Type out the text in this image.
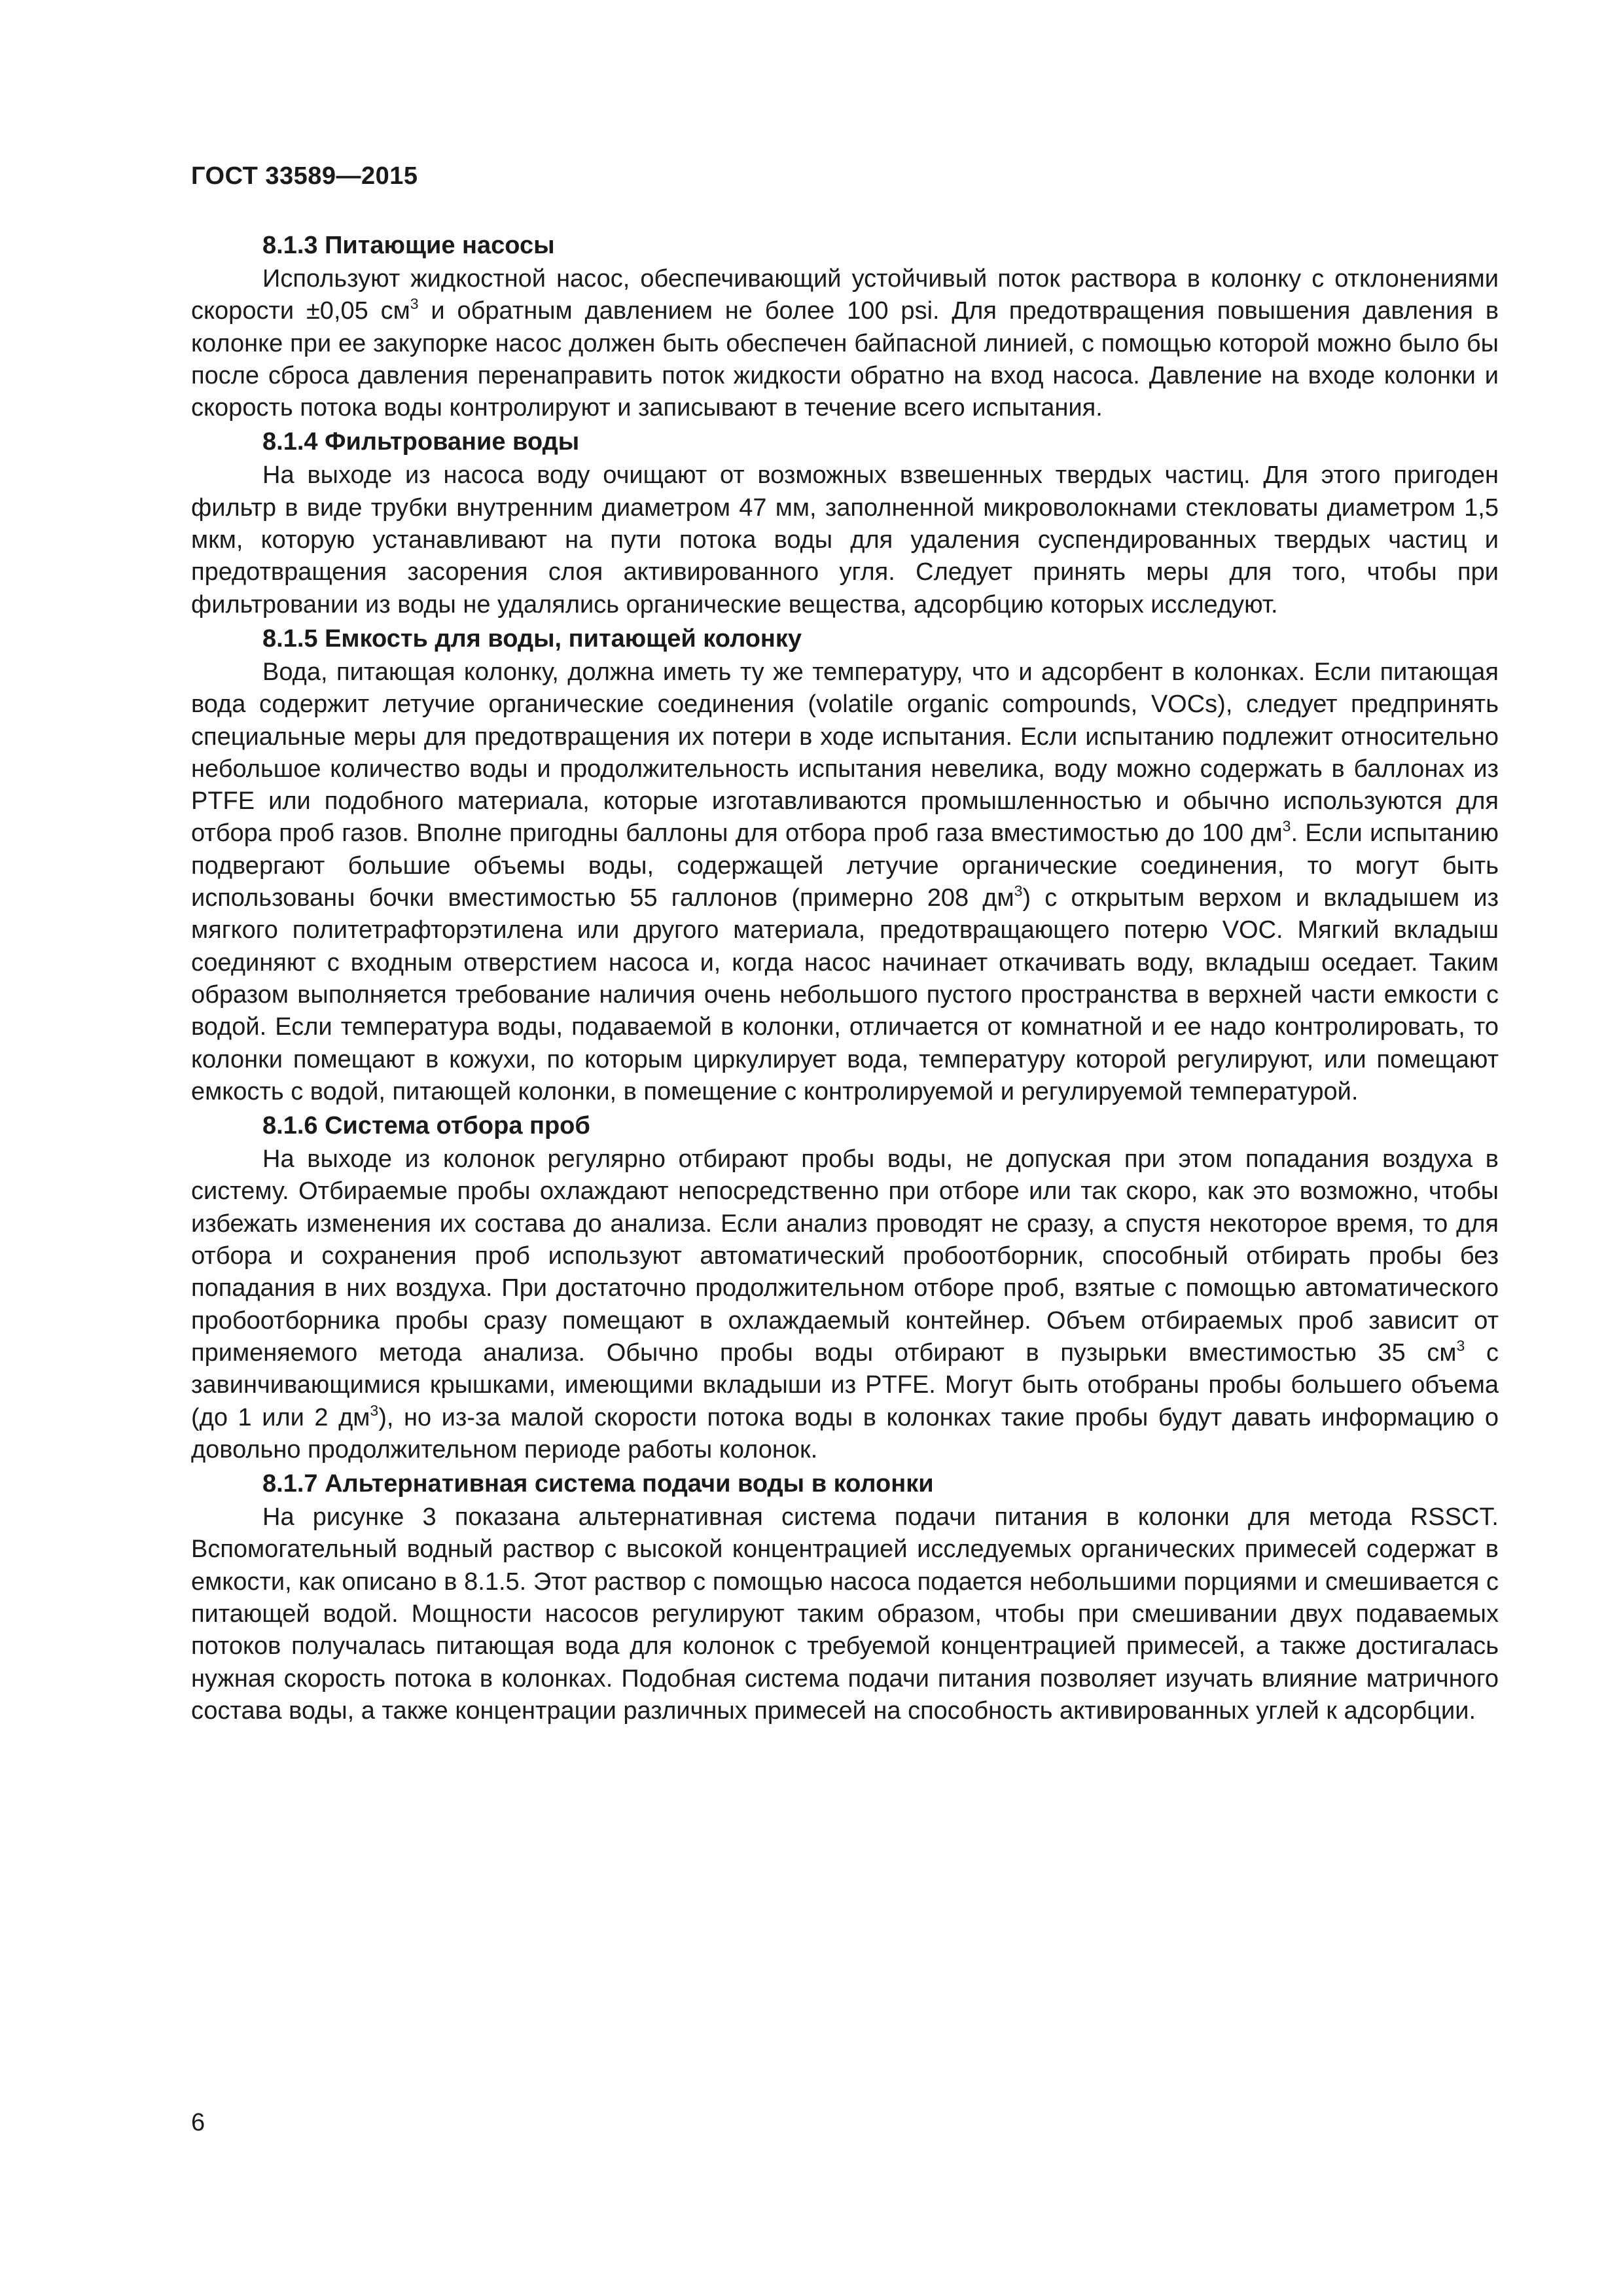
ГОСТ 33589—2015
8.1.3 Питающие насосы

Используют жидкостной насос, обеспечивающий устойчивый поток раствора в колонку с отклонениями скорости ±0,05 $см^3$ и обратным давлением не более 100 psi. Для предотвращения повышения давления в колонке при ее закупорке насос должен быть обеспечен байпасной линией, с помощью которой можно было бы после сброса давления перенаправить поток жидкости обратно на вход насоса. Давление на входе колонки и скорость потока воды контролируют и записывают в течение всего испытания.

8.1.4 Фильтрование воды

На выходе из насоса воду очищают от возможных взвешенных твердых частиц. Для этого пригоден фильтр в виде трубки внутренним диаметром 47 мм, заполненной микроволокнами стекловаты диаметром 1,5 мкм, которую устанавливают на пути потока воды для удаления суспендированных твердых частиц и предотвращения засорения слоя активированного угля. Следует принять меры для того, чтобы при фильтровании из воды не удалялись органические вещества, адсорбцию которых исследуют.

8.1.5 Емкость для воды, питающей колонку

Вода, питающая колонку, должна иметь ту же температуру, что и адсорбент в колонках. Если питающая вода содержит летучие органические соединения (volatile organic compounds, VOCs), следует предпринять специальные меры для предотвращения их потери в ходе испытания. Если испытанию подлежит относительно небольшое количество воды и продолжительность испытания невелика, воду можно содержать в баллонах из PTFE или подобного материала, которые изготавливаются промышленностью и обычно используются для отбора проб газов. Вполне пригодны баллоны для отбора проб газа вместимостью до 100 $дм^3$. Если испытанию подвергают большие объемы воды, содержащей летучие органические соединения, то могут быть использованы бочки вместимостью 55 галлонов (примерно 208 $дм^3$) с открытым верхом и вкладышем из мягкого политетрафторэтилена или другого материала, предотвращающего потерю VOC. Мягкий вкладыш соединяют с входным отверстием насоса и, когда насос начинает откачивать воду, вкладыш оседает. Таким образом выполняется требование наличия очень небольшого пустого пространства в верхней части емкости с водой. Если температура воды, подаваемой в колонки, отличается от комнатной и ее надо контролировать, то колонки помещают в кожухи, по которым циркулирует вода, температуру которой регулируют, или помещают емкость с водой, питающей колонки, в помещение с контролируемой и регулируемой температурой.

8.1.6 Система отбора проб

На выходе из колонок регулярно отбирают пробы воды, не допуская при этом попадания воздуха в систему. Отбираемые пробы охлаждают непосредственно при отборе или так скоро, как это возможно, чтобы избежать изменения их состава до анализа. Если анализ проводят не сразу, а спустя некоторое время, то для отбора и сохранения проб используют автоматический пробоотборник, способный отбирать пробы без попадания в них воздуха. При достаточно продолжительном отборе проб, взятые с помощью автоматического пробоотборника пробы сразу помещают в охлаждаемый контейнер. Объем отбираемых проб зависит от применяемого метода анализа. Обычно пробы воды отбирают в пузырьки вместимостью 35 $см^3$ с завинчивающимися крышками, имеющими вкладыши из PTFE. Могут быть отобраны пробы большего объема (до 1 или 2 $дм^3$), но из-за малой скорости потока воды в колонках такие пробы будут давать информацию о довольно продолжительном периоде работы колонок.

8.1.7 Альтернативная система подачи воды в колонки

На рисунке 3 показана альтернативная система подачи питания в колонки для метода RSSCT. Вспомогательный водный раствор с высокой концентрацией исследуемых органических примесей содержат в емкости, как описано в 8.1.5. Этот раствор с помощью насоса подается небольшими порциями и смешивается с питающей водой. Мощности насосов регулируют таким образом, чтобы при смешивании двух подаваемых потоков получалась питающая вода для колонок с требуемой концентрацией примесей, а также достигалась нужная скорость потока в колонках. Подобная система подачи питания позволяет изучать влияние матричного состава воды, а также концентрации различных примесей на способность активированных углей к адсорбции.

6
